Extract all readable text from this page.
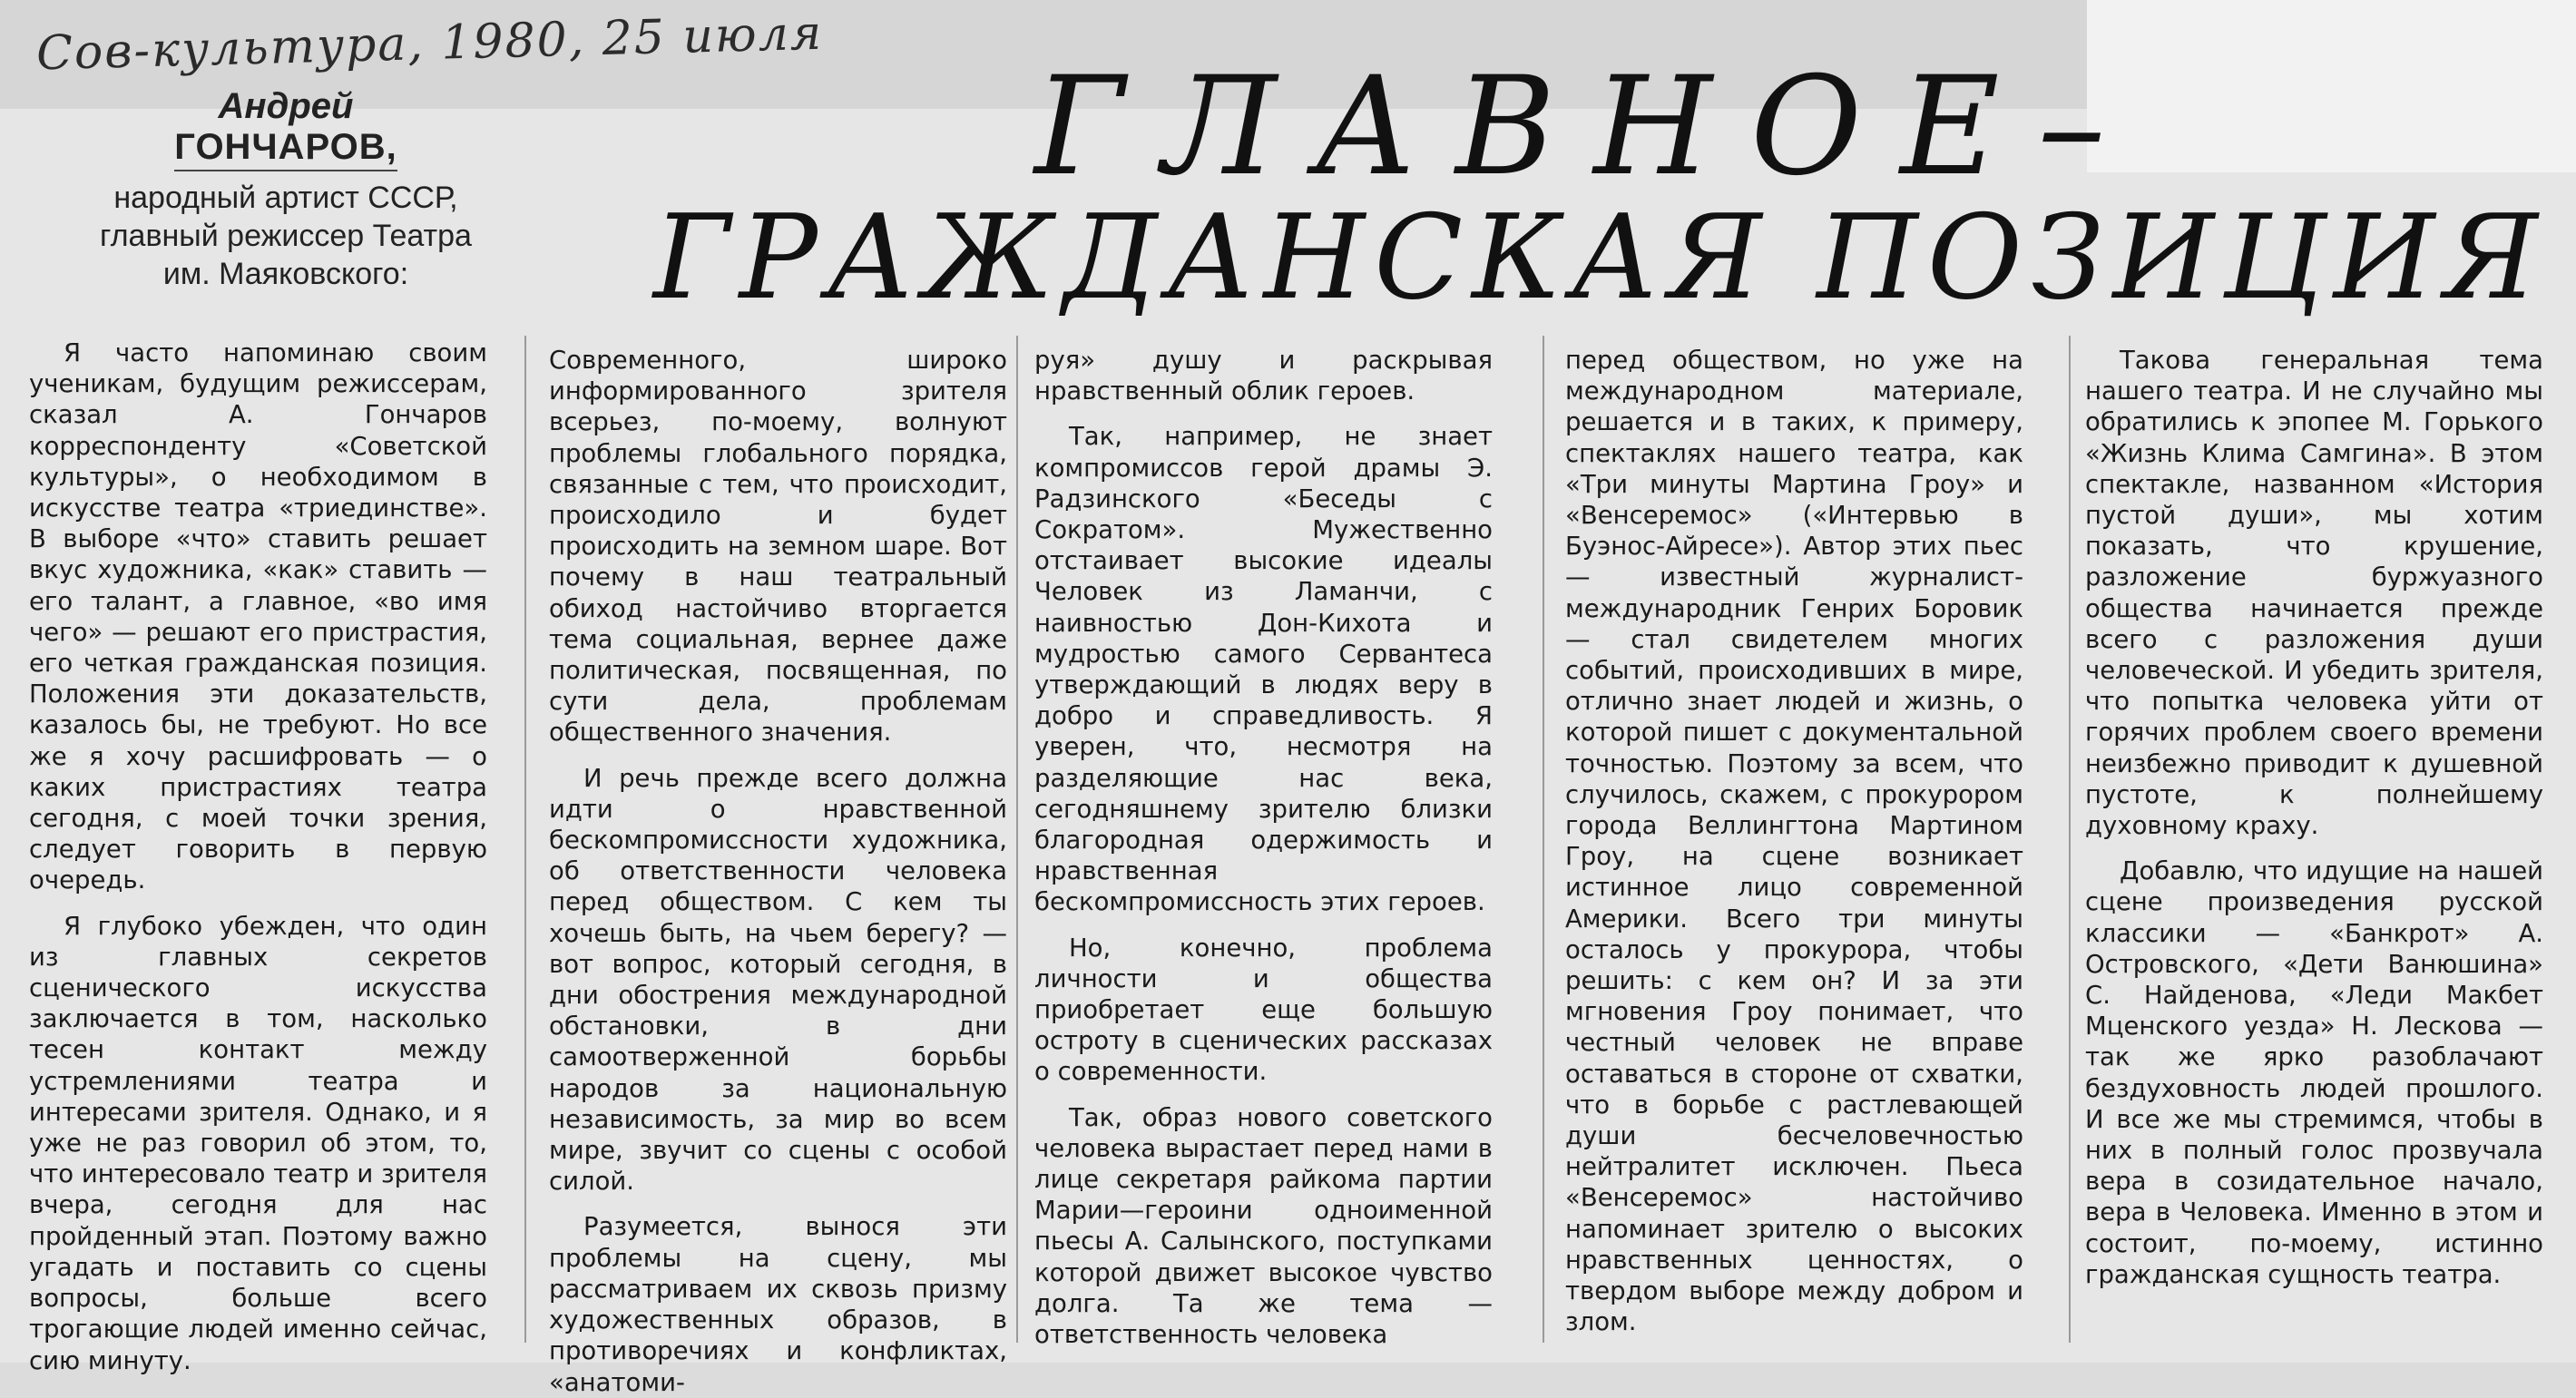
Сов-культура, 1980, 25 июля
Андрей
ГОНЧАРОВ,
народный артист СССР,
главный режиссер Театра
им. Маяковского:
ГЛАВНОЕ–
ГРАЖДАНСКАЯ ПОЗИЦИЯ

Я часто напоминаю своим ученикам, будущим режиссерам, сказал А. Гончаров корреспонденту «Советской культуры», о необходимом в искусстве театра «триединстве». В выборе «что» ставить решает вкус художника, «как» ставить — его талант, а главное, «во имя чего» — решают его пристрастия, его четкая гражданская позиция. Положения эти доказательств, казалось бы, не требуют. Но все же я хочу расшифровать — о каких пристрастиях театра сегодня, с моей точки зрения, следует говорить в первую очередь.

Я глубоко убежден, что один из главных секретов сценического искусства заключается в том, насколько тесен контакт между устремлениями театра и интересами зрителя. Однако, и я уже не раз говорил об этом, то, что интересовало театр и зрителя вчера, сегодня для нас пройденный этап. Поэтому важно угадать и поставить со сцены вопросы, больше всего трогающие людей именно сейчас, сию минуту.

Современного, широко информированного зрителя всерьез, по-моему, волнуют проблемы глобального порядка, связанные с тем, что происходит, происходило и будет происходить на земном шаре. Вот почему в наш театральный обиход настойчиво вторгается тема социальная, вернее даже политическая, посвященная, по сути дела, проблемам общественного значения.

И речь прежде всего должна идти о нравственной бескомпромиссности художника, об ответственности человека перед обществом. С кем ты хочешь быть, на чьем берегу? — вот вопрос, который сегодня, в дни обострения международной обстановки, в дни самоотверженной борьбы народов за национальную независимость, за мир во всем мире, звучит со сцены с особой силой.

Разумеется, вынося эти проблемы на сцену, мы рассматриваем их сквозь призму художественных образов, в противоречиях и конфликтах, «анатоми-

руя» душу и раскрывая нравственный облик героев.

Так, например, не знает компромиссов герой драмы Э. Радзинского «Беседы с Сократом». Мужественно отстаивает высокие идеалы Человек из Ламанчи, с наивностью Дон-Кихота и мудростью самого Сервантеса утверждающий в людях веру в добро и справедливость. Я уверен, что, несмотря на разделяющие нас века, сегодняшнему зрителю близки благородная одержимость и нравственная бескомпромиссность этих героев.

Но, конечно, проблема личности и общества приобретает еще большую остроту в сценических рассказах о современности.

Так, образ нового советского человека вырастает перед нами в лице секретаря райкома партии Марии—героини одноименной пьесы А. Салынского, поступками которой движет высокое чувство долга. Та же тема — ответственность человека

перед обществом, но уже на международном материале, решается и в таких, к примеру, спектаклях нашего театра, как «Три минуты Мартина Гроу» и «Венсеремос» («Интервью в Буэнос-Айресе»). Автор этих пьес — известный журналист-международник Генрих Боровик — стал свидетелем многих событий, происходивших в мире, отлично знает людей и жизнь, о которой пишет с документальной точностью. Поэтому за всем, что случилось, скажем, с прокурором города Веллингтона Мартином Гроу, на сцене возникает истинное лицо современной Америки. Всего три минуты осталось у прокурора, чтобы решить: с кем он? И за эти мгновения Гроу понимает, что честный человек не вправе оставаться в стороне от схватки, что в борьбе с растлевающей души бесчеловечностью нейтралитет исключен. Пьеса «Венсеремос» настойчиво напоминает зрителю о высоких нравственных ценностях, о твердом выборе между добром и злом.

Такова генеральная тема нашего театра. И не случайно мы обратились к эпопее М. Горького «Жизнь Клима Самгина». В этом спектакле, названном «История пустой души», мы хотим показать, что крушение, разложение буржуазного общества начинается прежде всего с разложения души человеческой. И убедить зрителя, что попытка человека уйти от горячих проблем своего времени неизбежно приводит к душевной пустоте, к полнейшему духовному краху.

Добавлю, что идущие на нашей сцене произведения русской классики — «Банкрот» А. Островского, «Дети Ванюшина» С. Найденова, «Леди Макбет Мценского уезда» Н. Лескова — так же ярко разоблачают бездуховность людей прошлого. И все же мы стремимся, чтобы в них в полный голос прозвучала вера в созидательное начало, вера в Человека. Именно в этом и состоит, по-моему, истинно гражданская сущность театра.
